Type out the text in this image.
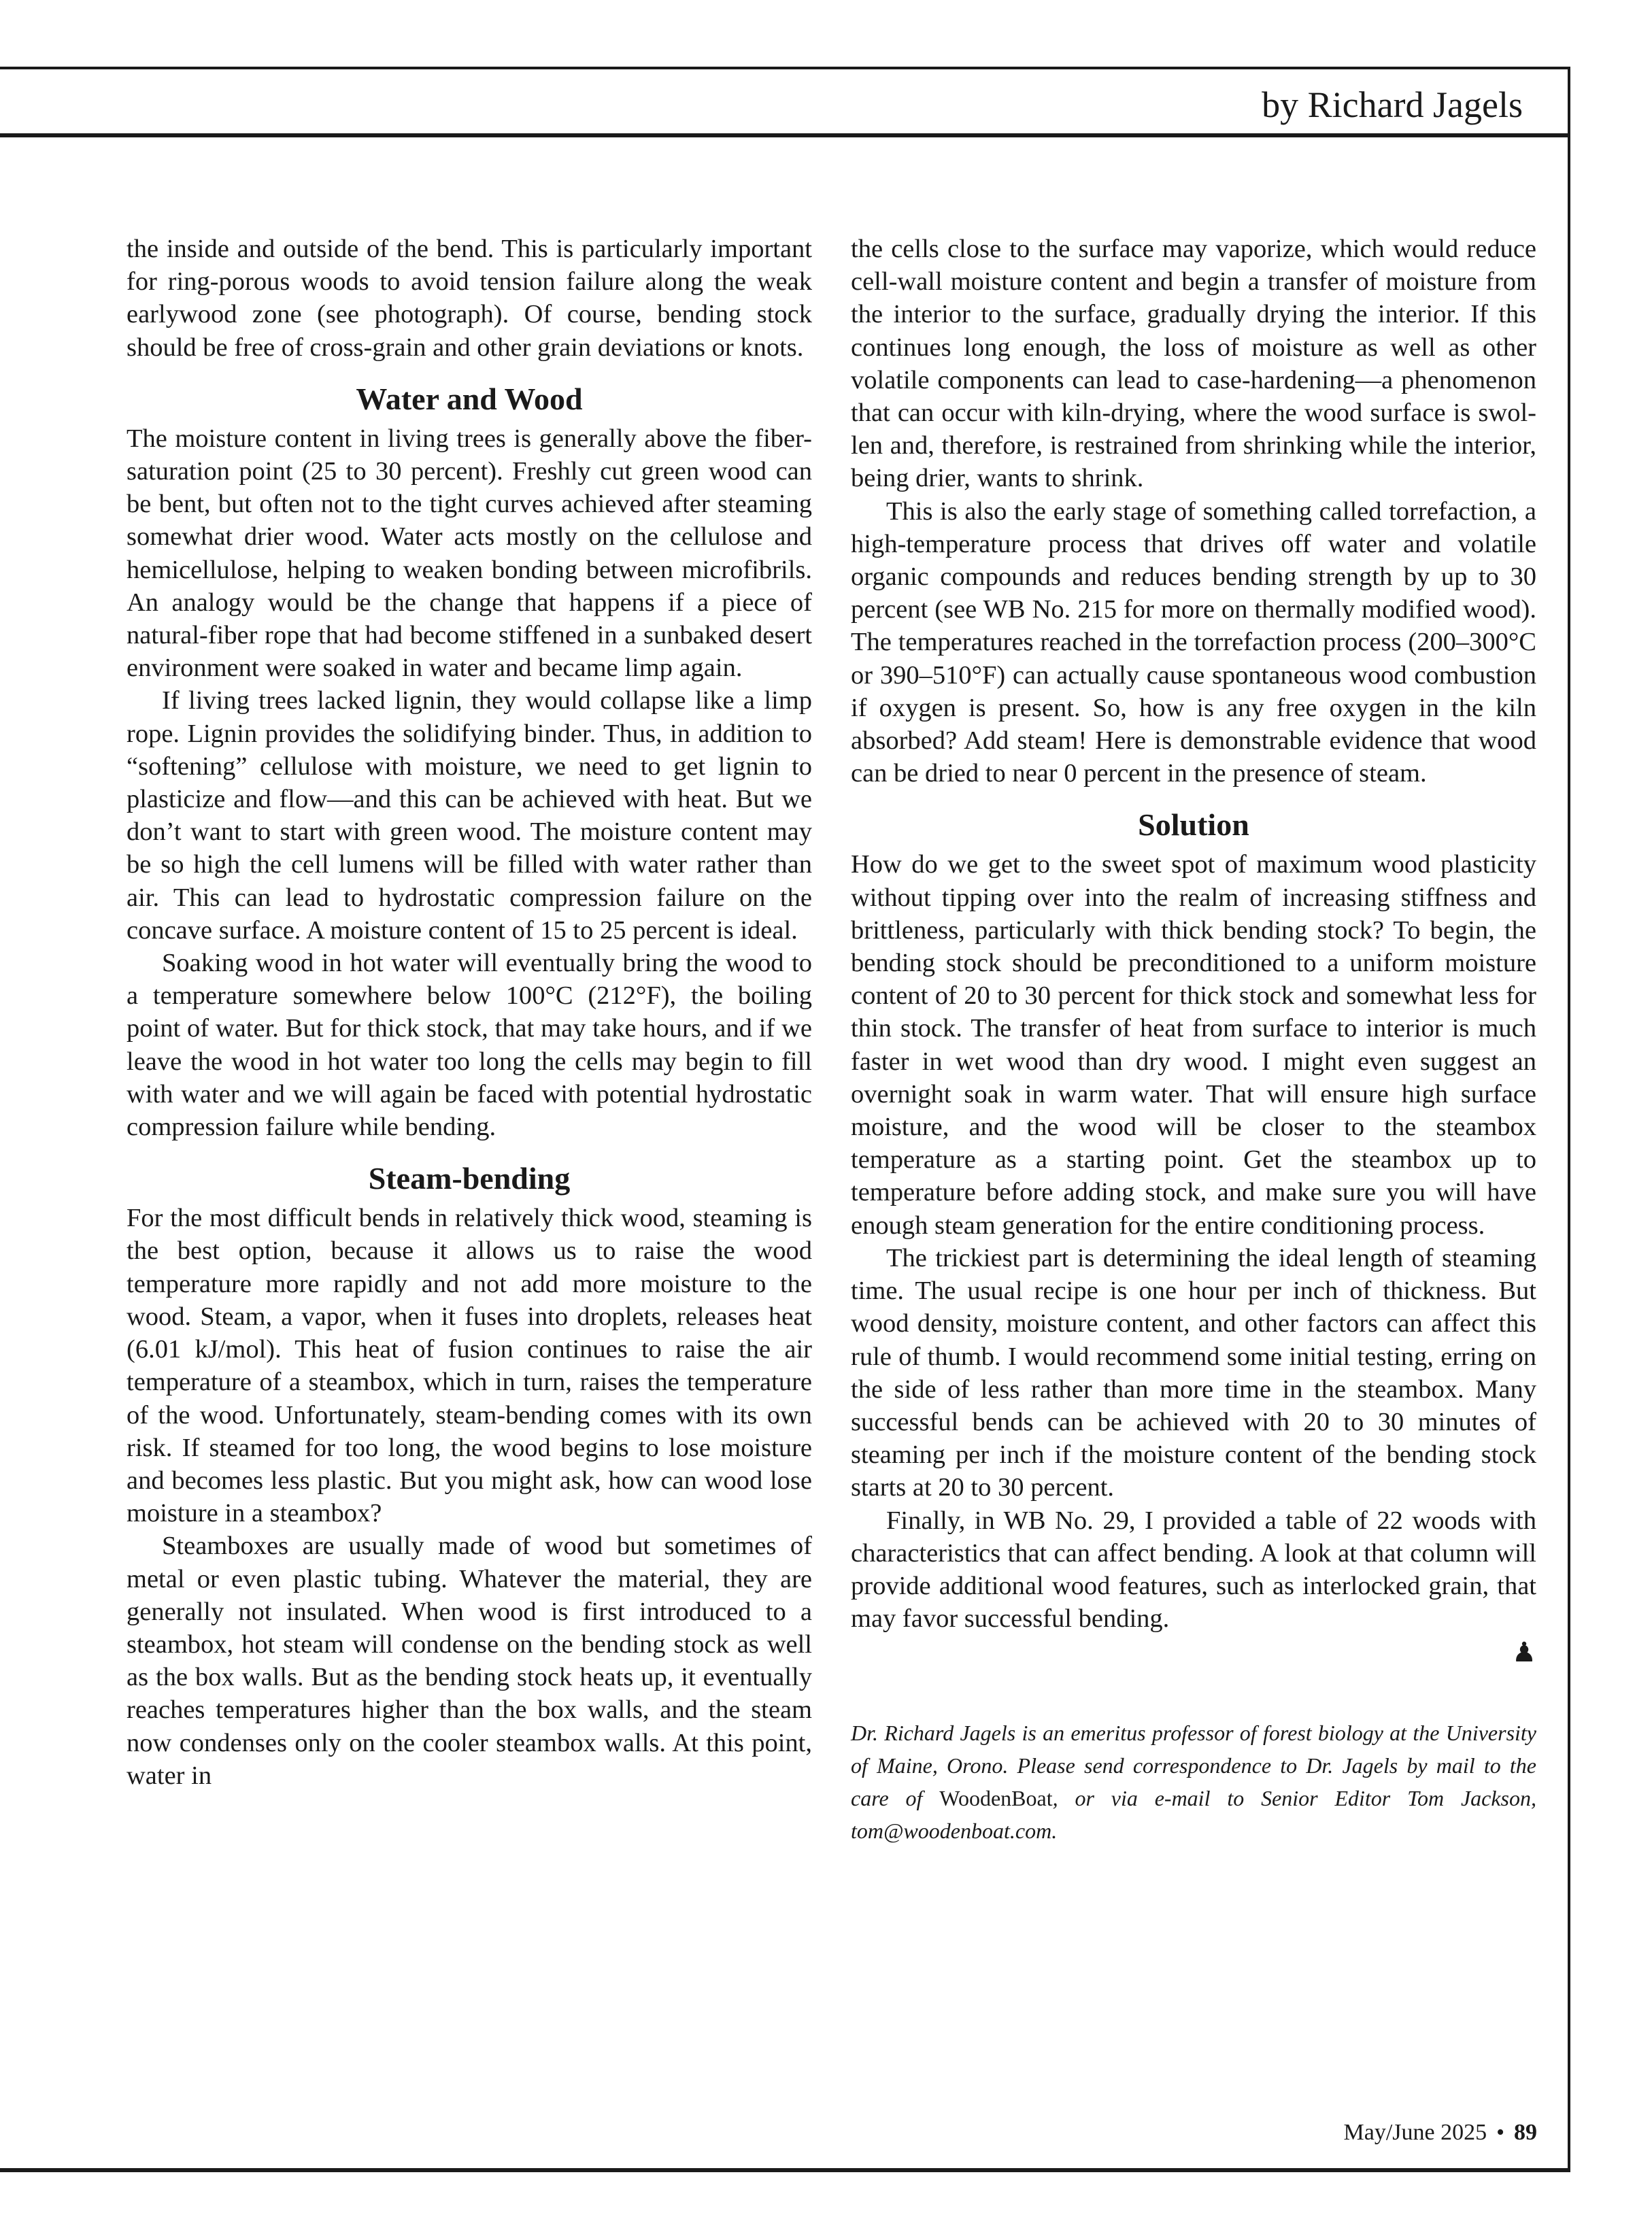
by Richard Jagels

the inside and outside of the bend. This is particularly important for ring-porous woods to avoid tension failure along the weak earlywood zone (see photograph). Of course, bending stock should be free of cross-grain and other grain deviations or knots.

Water and Wood

The moisture content in living trees is generally above the fiber-saturation point (25 to 30 percent). Freshly cut green wood can be bent, but often not to the tight curves achieved after steaming somewhat drier wood. Water acts mostly on the cellulose and hemicellulose, helping to weaken bonding between microfibrils. An analogy would be the change that happens if a piece of natural-fiber rope that had become stiffened in a sunbaked desert environment were soaked in water and became limp again.

If living trees lacked lignin, they would collapse like a limp rope. Lignin provides the solidifying binder. Thus, in addition to “softening” cellulose with moisture, we need to get lignin to plasticize and flow—and this can be achieved with heat. But we don’t want to start with green wood. The moisture content may be so high the cell lumens will be filled with water rather than air. This can lead to hydrostatic compression failure on the concave surface. A moisture content of 15 to 25 percent is ideal.

Soaking wood in hot water will eventually bring the wood to a temperature somewhere below 100°C (212°F), the boiling point of water. But for thick stock, that may take hours, and if we leave the wood in hot water too long the cells may begin to fill with water and we will again be faced with potential hydrostatic compression failure while bending.

Steam-bending

For the most difficult bends in relatively thick wood, steaming is the best option, because it allows us to raise the wood temperature more rapidly and not add more moisture to the wood. Steam, a vapor, when it fuses into droplets, releases heat (6.01 kJ/mol). This heat of fusion continues to raise the air temperature of a steambox, which in turn, raises the temperature of the wood. Unfortunately, steam-bending comes with its own risk. If steamed for too long, the wood begins to lose moisture and becomes less plastic. But you might ask, how can wood lose moisture in a steambox?

Steamboxes are usually made of wood but sometimes of metal or even plastic tubing. Whatever the material, they are generally not insulated. When wood is first introduced to a steambox, hot steam will condense on the bending stock as well as the box walls. But as the bending stock heats up, it eventually reaches temperatures higher than the box walls, and the steam now condenses only on the cooler steambox walls. At this point, water in

the cells close to the surface may vaporize, which would reduce cell-wall moisture content and begin a transfer of moisture from the interior to the surface, gradually drying the interior. If this continues long enough, the loss of moisture as well as other volatile components can lead to case-hardening—a phenomenon that can occur with kiln-drying, where the wood surface is swollen and, therefore, is restrained from shrinking while the interior, being drier, wants to shrink.

This is also the early stage of something called torrefaction, a high-temperature process that drives off water and volatile organic compounds and reduces bending strength by up to 30 percent (see WB No. 215 for more on thermally modified wood). The temperatures reached in the torrefaction process (200–300°C or 390–510°F) can actually cause spontaneous wood combustion if oxygen is present. So, how is any free oxygen in the kiln absorbed? Add steam! Here is demonstrable evidence that wood can be dried to near 0 percent in the presence of steam.

Solution

How do we get to the sweet spot of maximum wood plasticity without tipping over into the realm of increasing stiffness and brittleness, particularly with thick bending stock? To begin, the bending stock should be preconditioned to a uniform moisture content of 20 to 30 percent for thick stock and somewhat less for thin stock. The transfer of heat from surface to interior is much faster in wet wood than dry wood. I might even suggest an overnight soak in warm water. That will ensure high surface moisture, and the wood will be closer to the steambox temperature as a starting point. Get the steambox up to temperature before adding stock, and make sure you will have enough steam generation for the entire conditioning process.

The trickiest part is determining the ideal length of steaming time. The usual recipe is one hour per inch of thickness. But wood density, moisture content, and other factors can affect this rule of thumb. I would recommend some initial testing, erring on the side of less rather than more time in the steambox. Many successful bends can be achieved with 20 to 30 minutes of steaming per inch if the moisture content of the bending stock starts at 20 to 30 percent.

Finally, in WB No. 29, I provided a table of 22 woods with characteristics that can affect bending. A look at that column will provide additional wood features, such as interlocked grain, that may favor successful bending.

♟

Dr. Richard Jagels is an emeritus professor of forest biology at the University of Maine, Orono. Please send correspondence to Dr. Jagels by mail to the care of WoodenBoat, or via e-mail to Senior Editor Tom Jackson, tom@woodenboat.com.

May/June 2025 • 89
